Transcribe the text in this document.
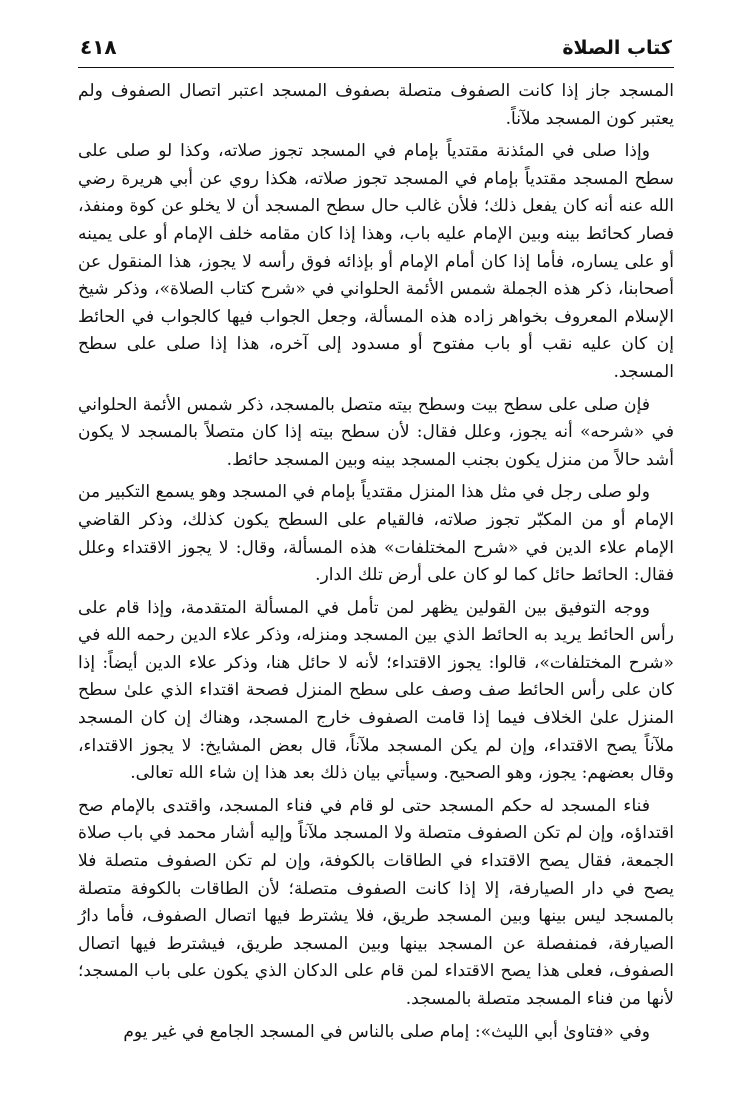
كتاب الصلاة
٤١٨

المسجد جاز إذا كانت الصفوف متصلة بصفوف المسجد اعتبر اتصال الصفوف ولم يعتبر كون المسجد ملآناً.

وإذا صلى في المئذنة مقتدياً بإمام في المسجد تجوز صلاته، وكذا لو صلى على سطح المسجد مقتدياً بإمام في المسجد تجوز صلاته، هكذا روي عن أبي هريرة رضي الله عنه أنه كان يفعل ذلك؛ فلأن غالب حال سطح المسجد أن لا يخلو عن كوة ومنفذ، فصار كحائط بينه وبين الإمام عليه باب، وهذا إذا كان مقامه خلف الإمام أو على يمينه أو على يساره، فأما إذا كان أمام الإمام أو بإذائه فوق رأسه لا يجوز، هذا المنقول عن أصحابنا، ذكر هذه الجملة شمس الأئمة الحلواني في «شرح كتاب الصلاة»، وذكر شيخ الإسلام المعروف بخواهر زاده هذه المسألة، وجعل الجواب فيها كالجواب في الحائط إن كان عليه نقب أو باب مفتوح أو مسدود إلى آخره، هذا إذا صلى على سطح المسجد.

فإن صلى على سطح بيت وسطح بيته متصل بالمسجد، ذكر شمس الأئمة الحلواني في «شرحه» أنه يجوز، وعلل فقال: لأن سطح بيته إذا كان متصلاً بالمسجد لا يكون أشد حالاً من منزل يكون بجنب المسجد بينه وبين المسجد حائط.

ولو صلى رجل في مثل هذا المنزل مقتدياً بإمام في المسجد وهو يسمع التكبير من الإمام أو من المكبّر تجوز صلاته، فالقيام على السطح يكون كذلك، وذكر القاضي الإمام علاء الدين في «شرح المختلفات» هذه المسألة، وقال: لا يجوز الاقتداء وعلل فقال: الحائط حائل كما لو كان على أرض تلك الدار.

ووجه التوفيق بين القولين يظهر لمن تأمل في المسألة المتقدمة، وإذا قام على رأس الحائط يريد به الحائط الذي بين المسجد ومنزله، وذكر علاء الدين رحمه الله في «شرح المختلفات»، قالوا: يجوز الاقتداء؛ لأنه لا حائل هنا، وذكر علاء الدين أيضاً: إذا كان على رأس الحائط صف وصف على سطح المنزل فصحة اقتداء الذي علىٰ سطح المنزل علىٰ الخلاف فيما إذا قامت الصفوف خارج المسجد، وهناك إن كان المسجد ملآناً يصح الاقتداء، وإن لم يكن المسجد ملآناً، قال بعض المشايخ: لا يجوز الاقتداء، وقال بعضهم: يجوز، وهو الصحيح. وسيأتي بيان ذلك بعد هذا إن شاء الله تعالى.

فناء المسجد له حكم المسجد حتى لو قام في فناء المسجد، واقتدى بالإمام صح اقتداؤه، وإن لم تكن الصفوف متصلة ولا المسجد ملآناً وإليه أشار محمد في باب صلاة الجمعة، فقال يصح الاقتداء في الطاقات بالكوفة، وإن لم تكن الصفوف متصلة فلا يصح في دار الصيارفة، إلا إذا كانت الصفوف متصلة؛ لأن الطاقات بالكوفة متصلة بالمسجد ليس بينها وبين المسجد طريق، فلا يشترط فيها اتصال الصفوف، فأما دارُ الصيارفة، فمنفصلة عن المسجد بينها وبين المسجد طريق، فيشترط فيها اتصال الصفوف، فعلى هذا يصح الاقتداء لمن قام على الدكان الذي يكون على باب المسجد؛ لأنها من فناء المسجد متصلة بالمسجد.

وفي «فتاوىٰ أبي الليث»: إمام صلى بالناس في المسجد الجامع في غير يوم
